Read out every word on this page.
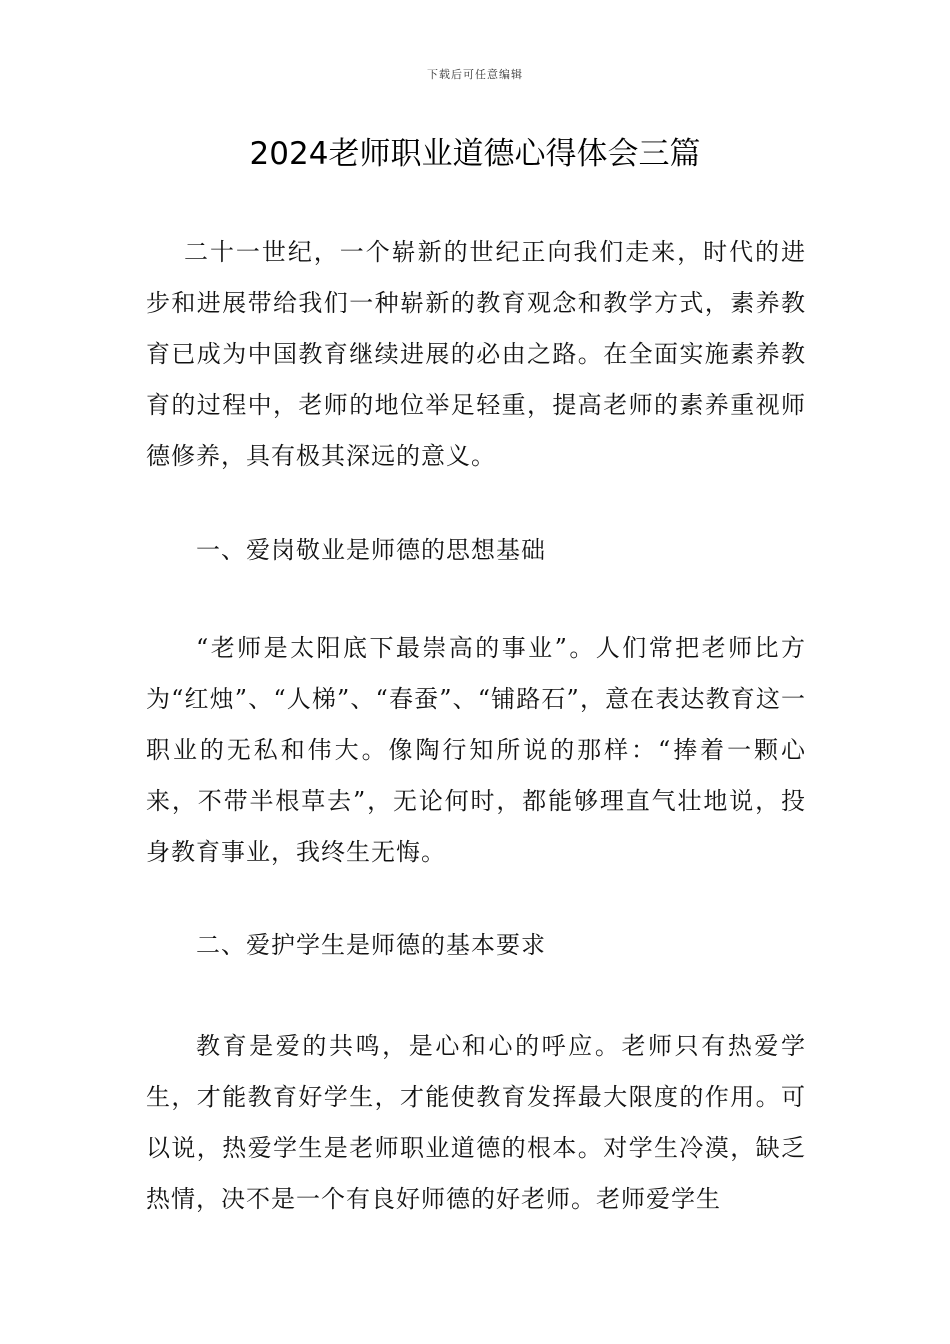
下载后可任意编辑
2024老师职业道德心得体会三篇

二十一世纪，一个崭新的世纪正向我们走来，时代的进步和进展带给我们一种崭新的教育观念和教学方式，素养教育已成为中国教育继续进展的必由之路。在全面实施素养教育的过程中，老师的地位举足轻重，提高老师的素养重视师德修养，具有极其深远的意义。

一、爱岗敬业是师德的思想基础

“老师是太阳底下最崇高的事业”。人们常把老师比方为“红烛”、“人梯”、“春蚕”、“铺路石”，意在表达教育这一职业的无私和伟大。像陶行知所说的那样：“捧着一颗心来，不带半根草去”，无论何时，都能够理直气壮地说，投身教育事业，我终生无悔。

二、爱护学生是师德的基本要求

教育是爱的共鸣，是心和心的呼应。老师只有热爱学生，才能教育好学生，才能使教育发挥最大限度的作用。可以说，热爱学生是老师职业道德的根本。对学生冷漠，缺乏热情，决不是一个有良好师德的好老师。老师爱学生
